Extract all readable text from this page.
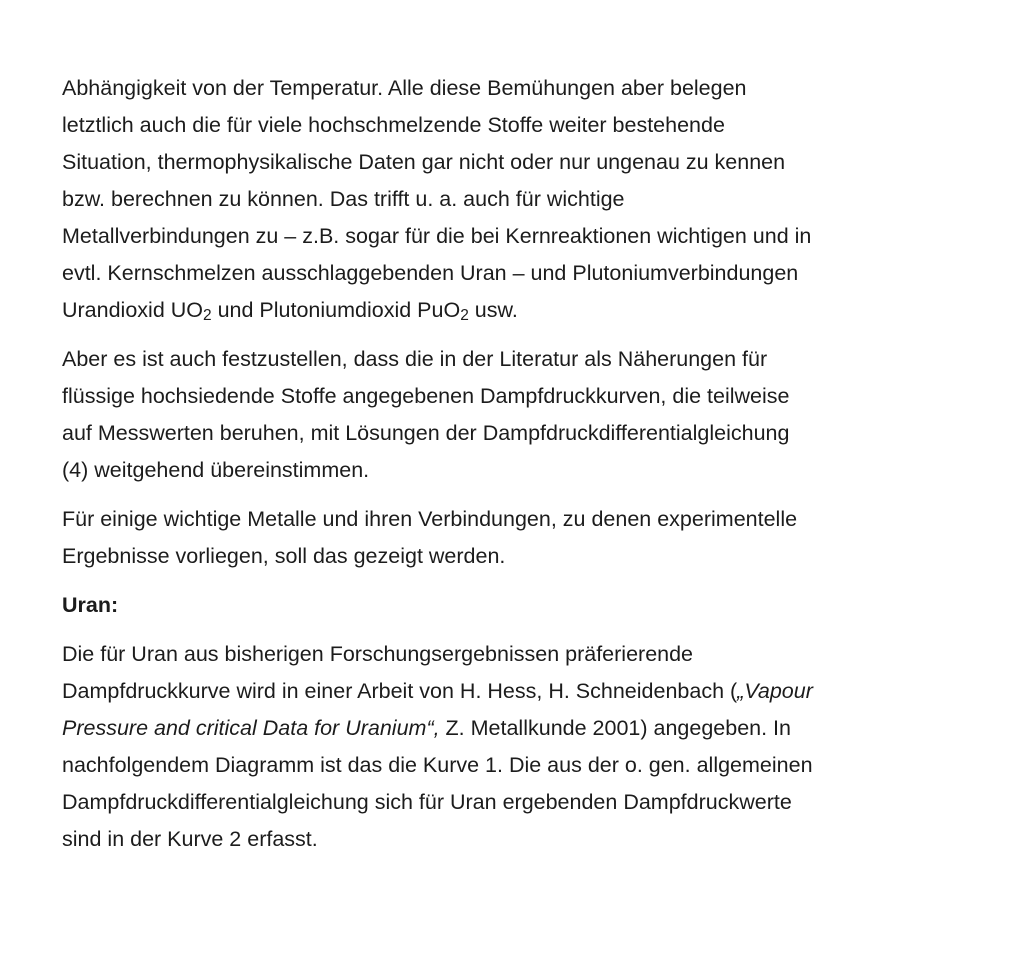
Abhängigkeit von der Temperatur. Alle diese Bemühungen aber belegen
letztlich auch die für viele hochschmelzende Stoffe weiter bestehende
Situation, thermophysikalische Daten gar nicht oder nur ungenau zu kennen
bzw. berechnen zu können. Das trifft u. a. auch für wichtige
Metallverbindungen zu – z.B. sogar für die bei Kernreaktionen wichtigen und in
evtl. Kernschmelzen ausschlaggebenden Uran – und Plutoniumverbindungen
Urandioxid $UO_2$ und Plutoniumdioxid PuO$_2$ usw.
Aber es ist auch festzustellen, dass die in der Literatur als Näherungen für
flüssige hochsiedende Stoffe angegebenen Dampfdruckkurven, die teilweise
auf Messwerten beruhen, mit Lösungen der Dampfdruckdifferentialgleichung
(4) weitgehend übereinstimmen.
Für einige wichtige Metalle und ihren Verbindungen, zu denen experimentelle
Ergebnisse vorliegen, soll das gezeigt werden.
Uran:
Die für Uran aus bisherigen Forschungsergebnissen präferierende
Dampfdruckkurve wird in einer Arbeit von H. Hess, H. Schneidenbach („Vapour
Pressure and critical Data for Uranium“, Z. Metallkunde 2001) angegeben. In
nachfolgendem Diagramm ist das die Kurve 1. Die aus der o. gen. allgemeinen
Dampfdruckdifferentialgleichung sich für Uran ergebenden Dampfdruckwerte
sind in der Kurve 2 erfasst.
